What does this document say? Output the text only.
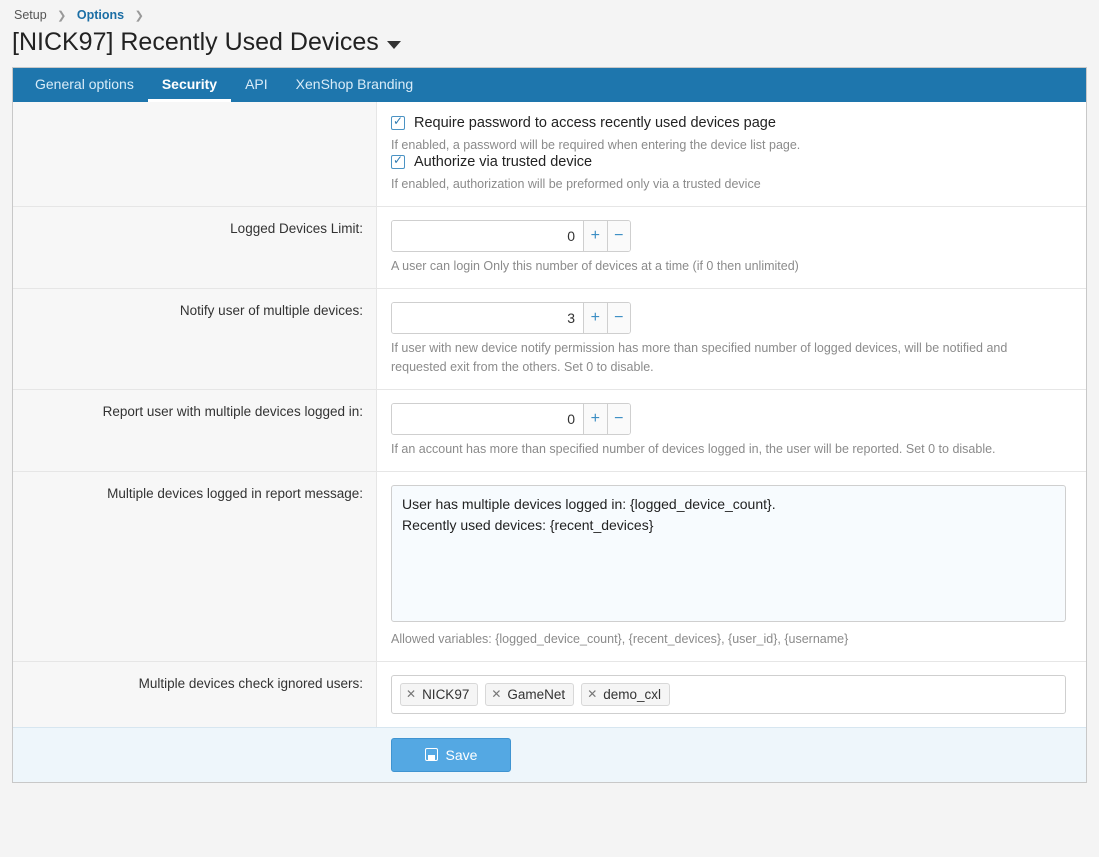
Setup ❯ Options ❯
[NICK97] Recently Used Devices
General options	Security	API	XenShop Branding
✓
Require password to access recently used devices page
If enabled, a password will be required when entering the device list page.
✓
Authorize via trusted device
If enabled, authorization will be preformed only via a trusted device
Logged Devices Limit:
0	+ −
A user can login Only this number of devices at a time (if 0 then unlimited)
Notify user of multiple devices:
3	+ −
If user with new device notify permission has more than specified number of logged devices, will be notified and requested exit from the others. Set 0 to disable.
Report user with multiple devices logged in:
0	+ −
If an account has more than specified number of devices logged in, the user will be reported. Set 0 to disable.
Multiple devices logged in report message:
User has multiple devices logged in: {logged_device_count}. Recently used devices: {recent_devices}
Allowed variables: {logged_device_count}, {recent_devices}, {user_id}, {username}
Multiple devices check ignored users:
✕ NICK97 ✕ GameNet ✕ demo_cxl
Save
